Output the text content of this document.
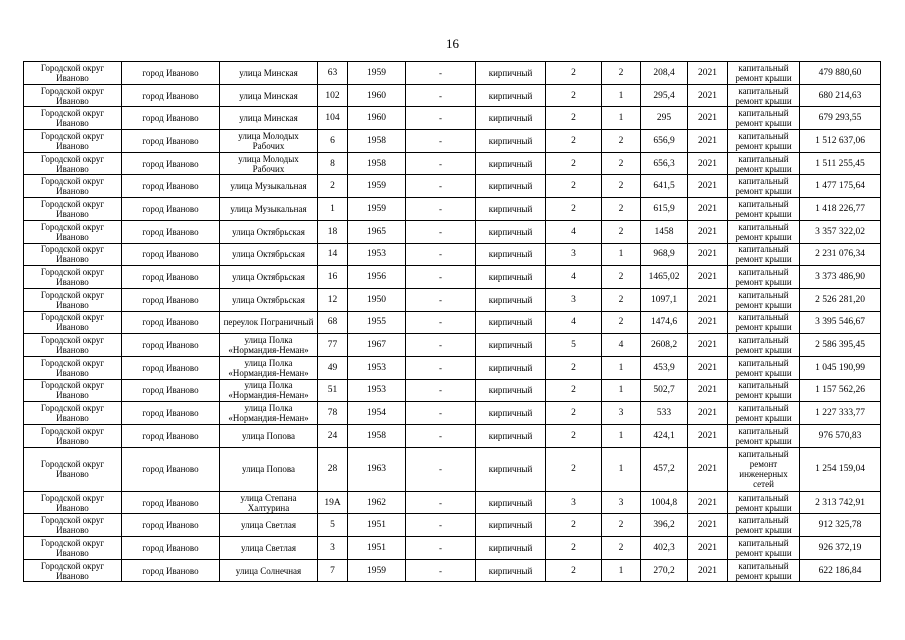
16
Городской округ Иваново	город Иваново	улица Минская	63	1959	-	кирпичный	2	2	208,4	2021	капитальный ремонт крыши	479 880,60
Городской округ Иваново	город Иваново	улица Минская	102	1960	-	кирпичный	2	1	295,4	2021	капитальный ремонт крыши	680 214,63
Городской округ Иваново	город Иваново	улица Минская	104	1960	-	кирпичный	2	1	295	2021	капитальный ремонт крыши	679 293,55
Городской округ Иваново	город Иваново	улица Молодых Рабочих	6	1958	-	кирпичный	2	2	656,9	2021	капитальный ремонт крыши	1 512 637,06
Городской округ Иваново	город Иваново	улица Молодых Рабочих	8	1958	-	кирпичный	2	2	656,3	2021	капитальный ремонт крыши	1 511 255,45
Городской округ Иваново	город Иваново	улица Музыкальная	2	1959	-	кирпичный	2	2	641,5	2021	капитальный ремонт крыши	1 477 175,64
Городской округ Иваново	город Иваново	улица Музыкальная	1	1959	-	кирпичный	2	2	615,9	2021	капитальный ремонт крыши	1 418 226,77
Городской округ Иваново	город Иваново	улица Октябрьская	18	1965	-	кирпичный	4	2	1458	2021	капитальный ремонт крыши	3 357 322,02
Городской округ Иваново	город Иваново	улица Октябрьская	14	1953	-	кирпичный	3	1	968,9	2021	капитальный ремонт крыши	2 231 076,34
Городской округ Иваново	город Иваново	улица Октябрьская	16	1956	-	кирпичный	4	2	1465,02	2021	капитальный ремонт крыши	3 373 486,90
Городской округ Иваново	город Иваново	улица Октябрьская	12	1950	-	кирпичный	3	2	1097,1	2021	капитальный ремонт крыши	2 526 281,20
Городской округ Иваново	город Иваново	переулок Пограничный	68	1955	-	кирпичный	4	2	1474,6	2021	капитальный ремонт крыши	3 395 546,67
Городской округ Иваново	город Иваново	улица Полка «Нормандия-Неман»	77	1967	-	кирпичный	5	4	2608,2	2021	капитальный ремонт крыши	2 586 395,45
Городской округ Иваново	город Иваново	улица Полка «Нормандия-Неман»	49	1953	-	кирпичный	2	1	453,9	2021	капитальный ремонт крыши	1 045 190,99
Городской округ Иваново	город Иваново	улица Полка «Нормандия-Неман»	51	1953	-	кирпичный	2	1	502,7	2021	капитальный ремонт крыши	1 157 562,26
Городской округ Иваново	город Иваново	улица Полка «Нормандия-Неман»	78	1954	-	кирпичный	2	3	533	2021	капитальный ремонт крыши	1 227 333,77
Городской округ Иваново	город Иваново	улица Попова	24	1958	-	кирпичный	2	1	424,1	2021	капитальный ремонт крыши	976 570,83
Городской округ Иваново	город Иваново	улица Попова	28	1963	-	кирпичный	2	1	457,2	2021	капитальный ремонт инженерных сетей	1 254 159,04
Городской округ Иваново	город Иваново	улица Степана Халтурина	19А	1962	-	кирпичный	3	3	1004,8	2021	капитальный ремонт крыши	2 313 742,91
Городской округ Иваново	город Иваново	улица Светлая	5	1951	-	кирпичный	2	2	396,2	2021	капитальный ремонт крыши	912 325,78
Городской округ Иваново	город Иваново	улица Светлая	3	1951	-	кирпичный	2	2	402,3	2021	капитальный ремонт крыши	926 372,19
Городской округ Иваново	город Иваново	улица Солнечная	7	1959	-	кирпичный	2	1	270,2	2021	капитальный ремонт крыши	622 186,84
